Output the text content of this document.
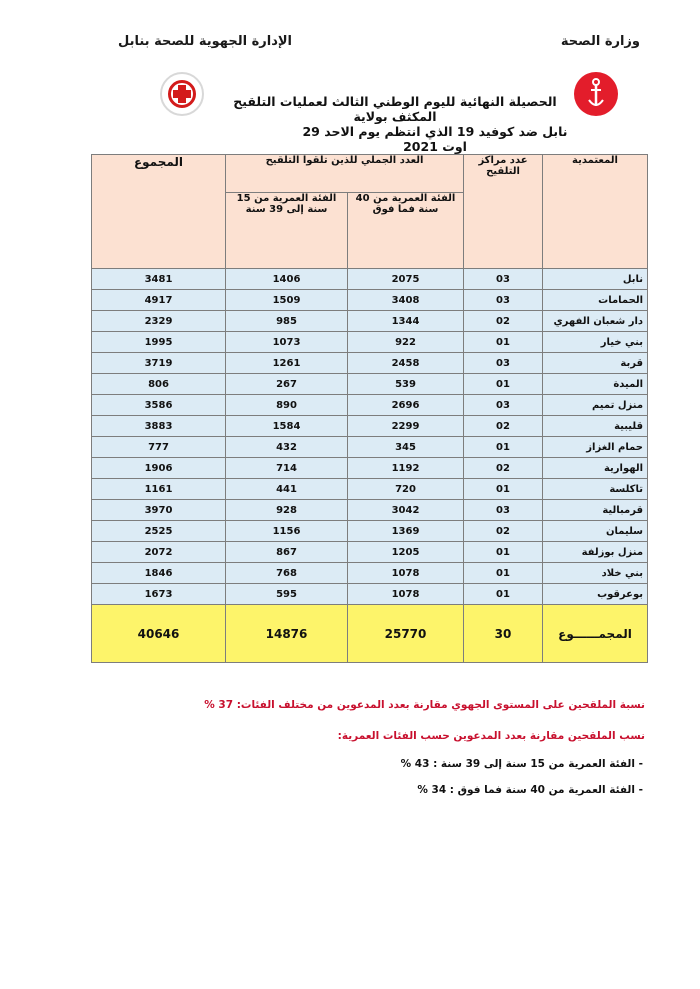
وزارة الصحة
الإدارة الجهوية للصحة بنابل
الحصيلة النهائية لليوم الوطني الثالث لعمليات التلقيح المكثف بولاية
نابل ضد كوفيد 19 الذي انتظم يوم الاحد 29 اوت 2021
المجموع	العدد الجملي للذين تلقوا التلقيح		عدد مراكز التلقيح	المعتمدية
	الفئة العمرية من 15 سنة إلى 39 سنة	الفئة العمرية من 40 سنة فما فوق		
3481	1406	2075	03	نابل
4917	1509	3408	03	الحمامات
2329	985	1344	02	دار شعبان الفهري
1995	1073	922	01	بني خيار
3719	1261	2458	03	قربة
806	267	539	01	الميدة
3586	890	2696	03	منزل تميم
3883	1584	2299	02	قليبية
777	432	345	01	حمام الغزاز
1906	714	1192	02	الهوارية
1161	441	720	01	تاكلسة
3970	928	3042	03	قرمبالية
2525	1156	1369	02	سليمان
2072	867	1205	01	منزل بوزلفة
1846	768	1078	01	بني خلاد
1673	595	1078	01	بوعرقوب
40646	14876	25770	30	المجمــــــوع
نسبة الملقحين على المستوى الجهوي مقارنة بعدد المدعوين من مختلف الفئات: 37 %
نسب الملقحين مقارنة بعدد المدعوين حسب الفئات العمرية:
- الفئة العمرية من 15 سنة إلى 39 سنة : 43 %
- الفئة العمرية من 40 سنة فما فوق : 34 %
